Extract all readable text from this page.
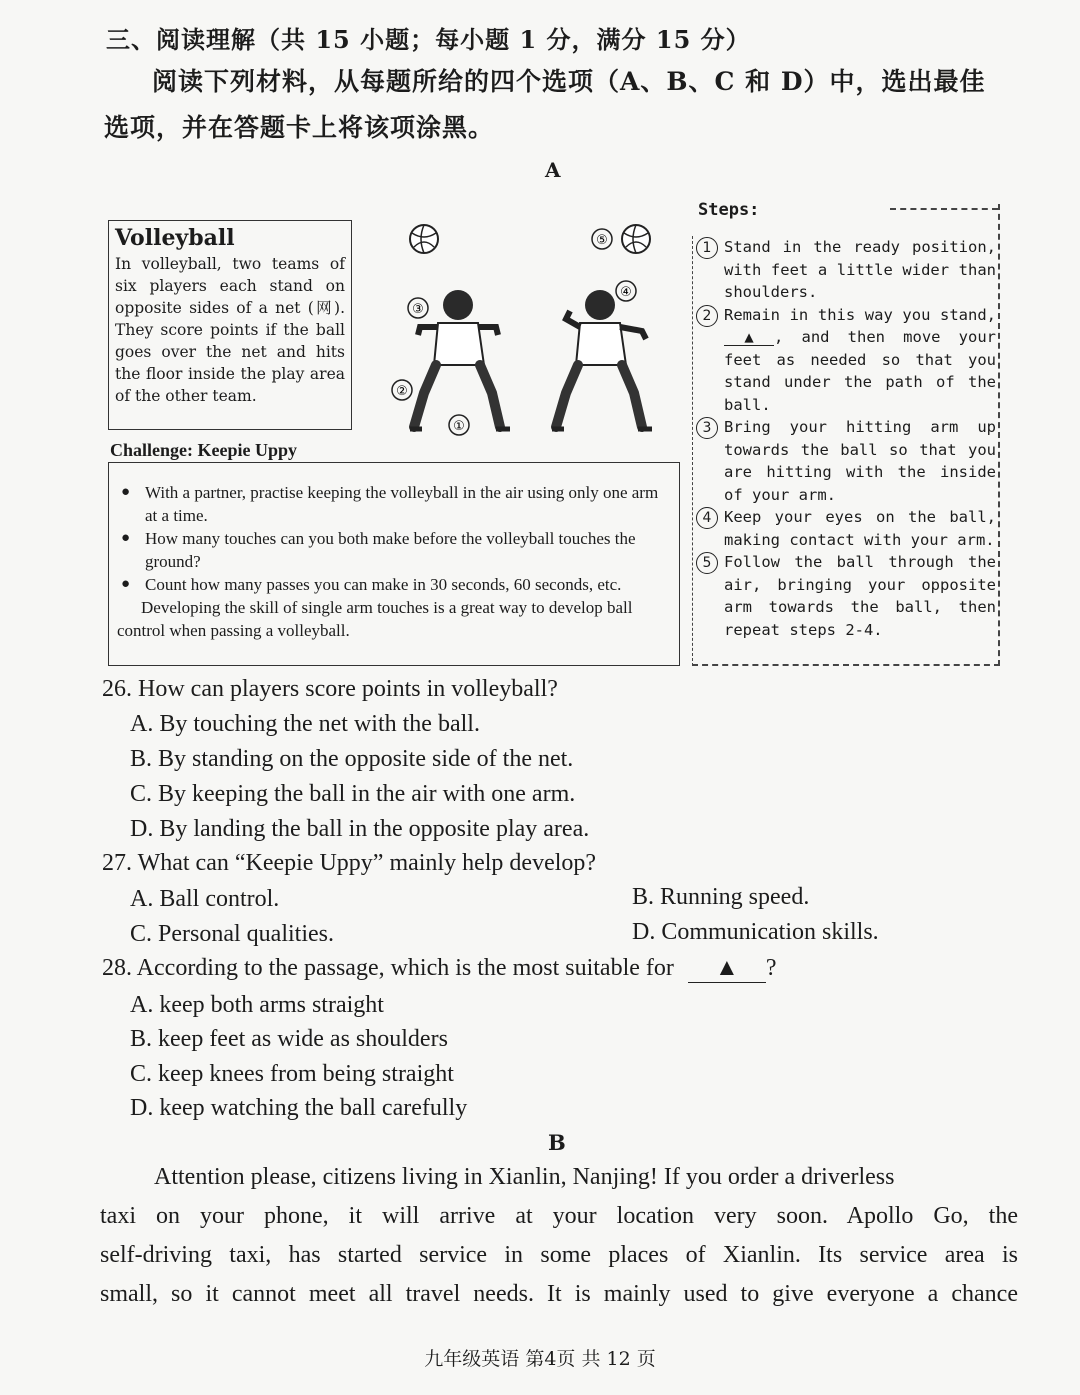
三、阅读理解（共 15 小题；每小题 1 分，满分 15 分）
阅读下列材料，从每题所给的四个选项（A、B、C 和 D）中，选出最佳
选项，并在答题卡上将该项涂黑。
A
Volleyball
In volleyball, two teams of six players each stand on opposite sides of a net (网). They score points if the ball goes over the net and hits the floor inside the play area of the other team.
⑤
④
③
②
①
Challenge: Keepie Uppy
● With a partner, practise keeping the volleyball in the air using only one arm at a time.
● How many touches can you both make before the volleyball touches the ground?
● Count how many passes you can make in 30 seconds, 60 seconds, etc.
Developing the skill of single arm touches is a great way to develop ball control when passing a volleyball.
Steps:
1 Stand in the ready position, with feet a little wider than shoulders.
2 Remain in this way you stand, ▲ , and then move your feet as needed so that you stand under the path of the ball.
3 Bring your hitting arm up towards the ball so that you are hitting with the inside of your arm.
4 Keep your eyes on the ball, making contact with your arm.
5 Follow the ball through the air, bringing your opposite arm towards the ball, then repeat steps 2-4.
26. How can players score points in volleyball?
A. By touching the net with the ball.
B. By standing on the opposite side of the net.
C. By keeping the ball in the air with one arm.
D. By landing the ball in the opposite play area.
27. What can “Keepie Uppy” mainly help develop?
A. Ball control.	B. Running speed.
C. Personal qualities.	D. Communication skills.
28. According to the passage, which is the most suitable for ▲ ?
A. keep both arms straight
B. keep feet as wide as shoulders
C. keep knees from being straight
D. keep watching the ball carefully
B
Attention please, citizens living in Xianlin, Nanjing! If you order a driverless
taxi on your phone, it will arrive at your location very soon. Apollo Go, the
self-driving taxi, has started service in some places of Xianlin. Its service area is
small, so it cannot meet all travel needs. It is mainly used to give everyone a chance
九年级英语 第4页 共 12 页
